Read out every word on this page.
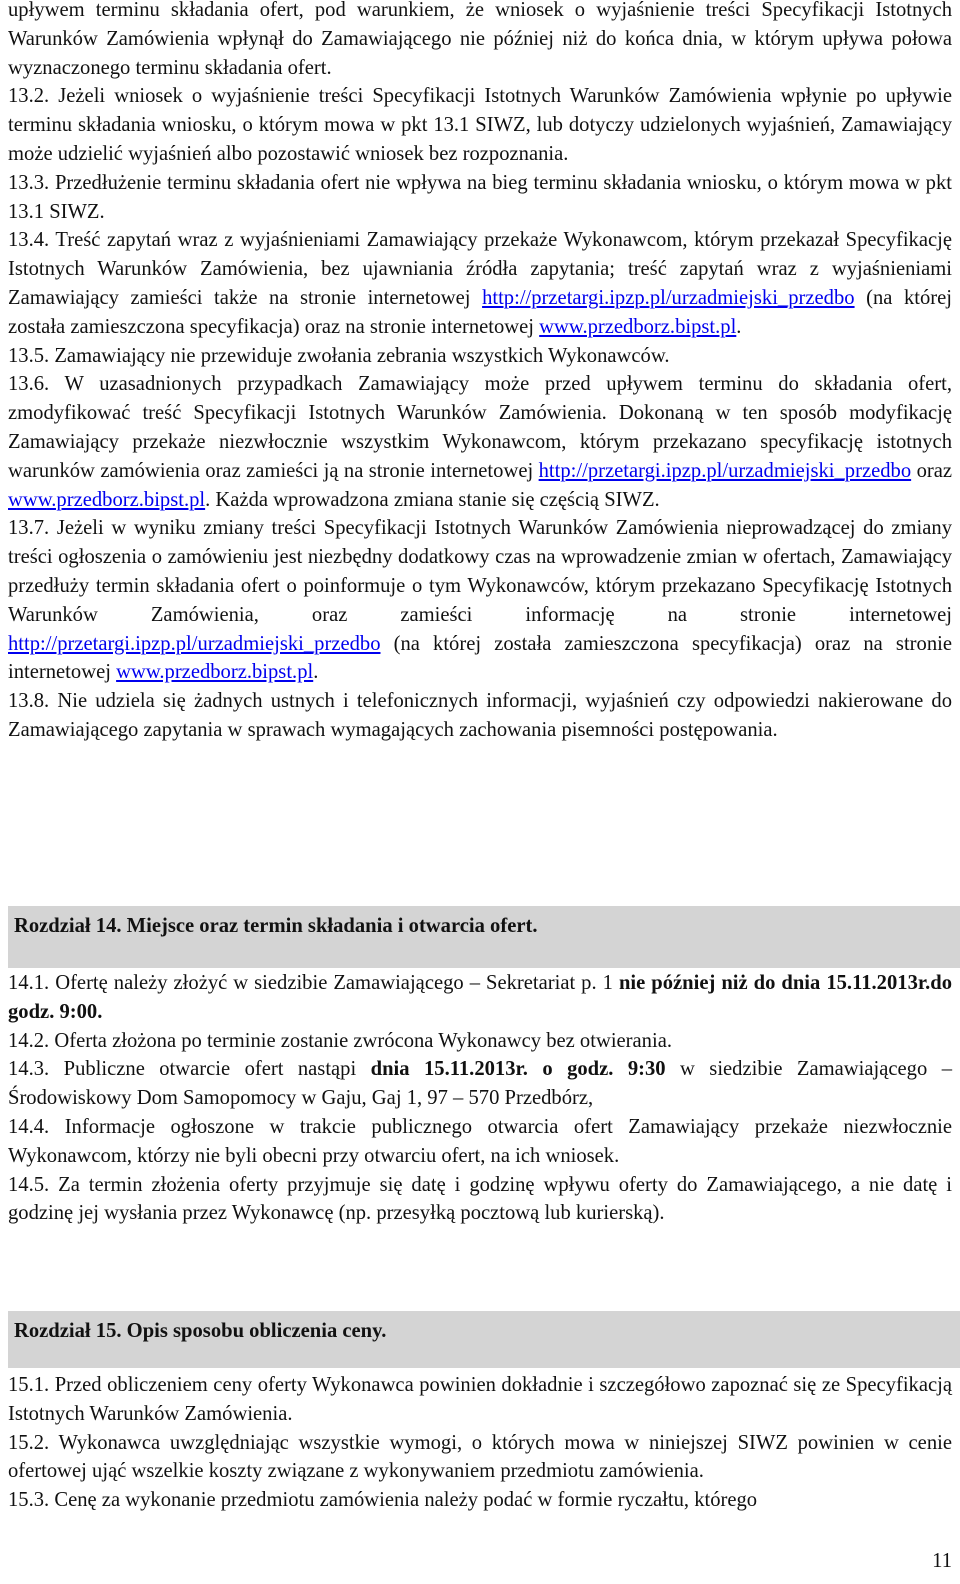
upływem terminu składania ofert, pod warunkiem, że wniosek o wyjaśnienie treści Specyfikacji Istotnych Warunków Zamówienia wpłynął do Zamawiającego nie później niż do końca dnia, w którym upływa połowa wyznaczonego terminu składania ofert.

13.2. Jeżeli wniosek o wyjaśnienie treści Specyfikacji Istotnych Warunków Zamówienia wpłynie po upływie terminu składania wniosku, o którym mowa w pkt 13.1 SIWZ, lub dotyczy udzielonych wyjaśnień, Zamawiający może udzielić wyjaśnień albo pozostawić wniosek bez rozpoznania.

13.3. Przedłużenie terminu składania ofert nie wpływa na bieg terminu składania wniosku, o którym mowa w pkt 13.1 SIWZ.

13.4. Treść zapytań wraz z wyjaśnieniami Zamawiający przekaże Wykonawcom, którym przekazał Specyfikację Istotnych Warunków Zamówienia, bez ujawniania źródła zapytania; treść zapytań wraz z wyjaśnieniami Zamawiający zamieści także na stronie internetowej http://przetargi.ipzp.pl/urzadmiejski_przedbo (na której została zamieszczona specyfikacja) oraz na stronie internetowej www.przedborz.bipst.pl.

13.5. Zamawiający nie przewiduje zwołania zebrania wszystkich Wykonawców.

13.6. W uzasadnionych przypadkach Zamawiający może przed upływem terminu do składania ofert, zmodyfikować treść Specyfikacji Istotnych Warunków Zamówienia. Dokonaną w ten sposób modyfikację Zamawiający przekaże niezwłocznie wszystkim Wykonawcom, którym przekazano specyfikację istotnych warunków zamówienia oraz zamieści ją na stronie internetowej http://przetargi.ipzp.pl/urzadmiejski_przedbo oraz www.przedborz.bipst.pl. Każda wprowadzona zmiana stanie się częścią SIWZ.

13.7. Jeżeli w wyniku zmiany treści Specyfikacji Istotnych Warunków Zamówienia nieprowadzącej do zmiany treści ogłoszenia o zamówieniu jest niezbędny dodatkowy czas na wprowadzenie zmian w ofertach, Zamawiający przedłuży termin składania ofert o poinformuje o tym Wykonawców, którym przekazano Specyfikację Istotnych Warunków Zamówienia, oraz zamieści informację na stronie internetowej http://przetargi.ipzp.pl/urzadmiejski_przedbo (na której została zamieszczona specyfikacja) oraz na stronie internetowej www.przedborz.bipst.pl.

13.8. Nie udziela się żadnych ustnych i telefonicznych informacji, wyjaśnień czy odpowiedzi nakierowane do Zamawiającego zapytania w sprawach wymagających zachowania pisemności postępowania.

Rozdział 14. Miejsce oraz termin składania i otwarcia ofert.

14.1. Ofertę należy złożyć w siedzibie Zamawiającego – Sekretariat p. 1 nie później niż do dnia 15.11.2013r.do godz. 9:00.

14.2. Oferta złożona po terminie zostanie zwrócona Wykonawcy bez otwierania.

14.3. Publiczne otwarcie ofert nastąpi dnia 15.11.2013r. o godz. 9:30 w siedzibie Zamawiającego – Środowiskowy Dom Samopomocy w Gaju, Gaj 1, 97 – 570 Przedbórz,

14.4. Informacje ogłoszone w trakcie publicznego otwarcia ofert Zamawiający przekaże niezwłocznie Wykonawcom, którzy nie byli obecni przy otwarciu ofert, na ich wniosek.

14.5. Za termin złożenia oferty przyjmuje się datę i godzinę wpływu oferty do Zamawiającego, a nie datę i godzinę jej wysłania przez Wykonawcę (np. przesyłką pocztową lub kurierską).

Rozdział 15. Opis sposobu obliczenia ceny.

15.1. Przed obliczeniem ceny oferty Wykonawca powinien dokładnie i szczegółowo zapoznać się ze Specyfikacją Istotnych Warunków Zamówienia.

15.2. Wykonawca uwzględniając wszystkie wymogi, o których mowa w niniejszej SIWZ powinien w cenie ofertowej ująć wszelkie koszty związane z wykonywaniem przedmiotu zamówienia.

15.3. Cenę za wykonanie przedmiotu zamówienia należy podać w formie ryczałtu, którego

11
